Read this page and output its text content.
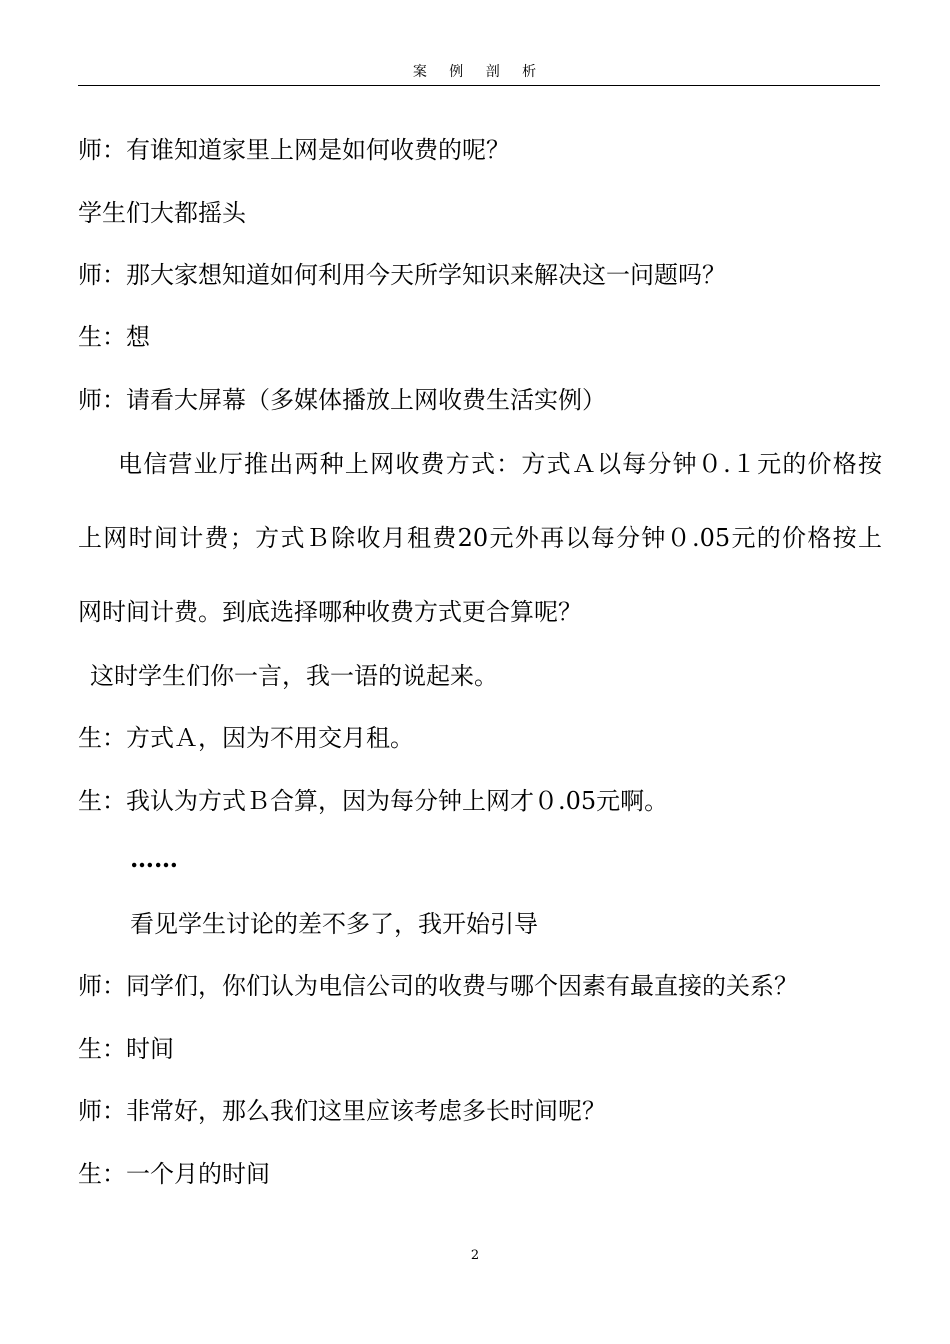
案 例 剖 析
师：有谁知道家里上网是如何收费的呢？
学生们大都摇头
师：那大家想知道如何利用今天所学知识来解决这一问题吗？
生：想
师：请看大屏幕（多媒体播放上网收费生活实例）
电信营业厅推出两种上网收费方式：方式Ａ以每分钟０.１元的价格按
上网时间计费；方式Ｂ除收月租费20元外再以每分钟０.05元的价格按上
网时间计费。到底选择哪种收费方式更合算呢？
这时学生们你一言，我一语的说起来。
生：方式Ａ，因为不用交月租。
生：我认为方式Ｂ合算，因为每分钟上网才０.05元啊。
……
看见学生讨论的差不多了，我开始引导
师：同学们，你们认为电信公司的收费与哪个因素有最直接的关系？
生：时间
师：非常好，那么我们这里应该考虑多长时间呢？
生：一个月的时间
2
